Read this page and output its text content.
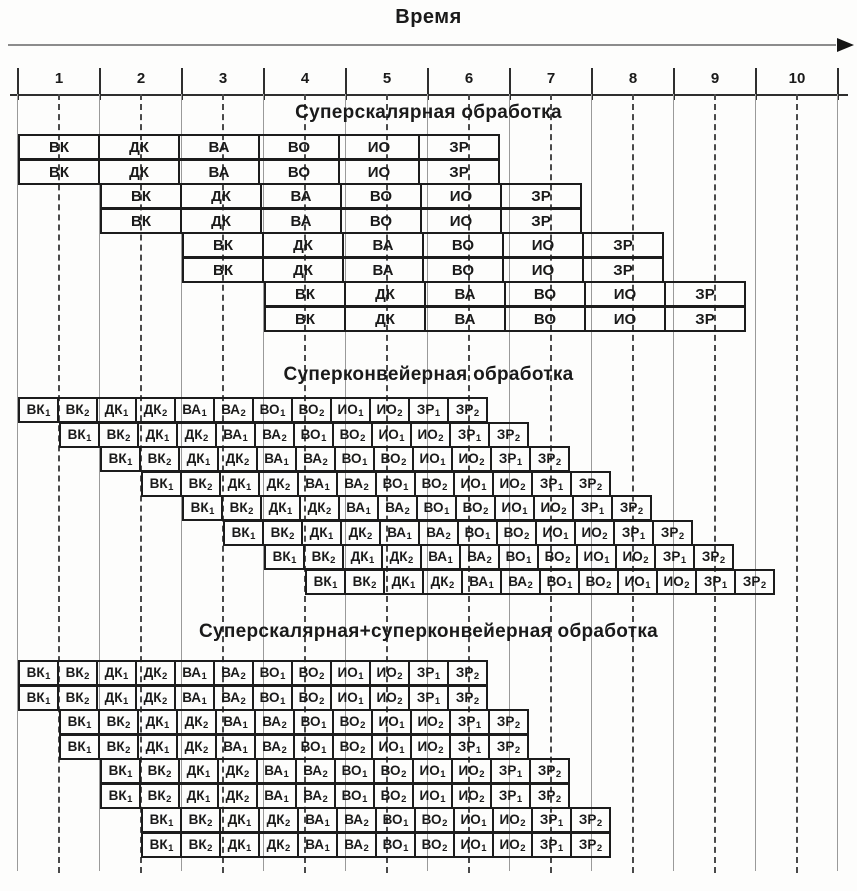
Время
1	2	3	4	5	6	7	8	9	10
Суперскалярная обработка
ВК	ДК	ВА	ВО	ИО	ЗР
ВК	ДК	ВА	ВО	ИО	ЗР
ВК	ДК	ВА	ВО	ИО	ЗР
ВК	ДК	ВА	ВО	ИО	ЗР
ВК	ДК	ВА	ВО	ИО	ЗР
ВК	ДК	ВА	ВО	ИО	ЗР
ВК	ДК	ВА	ВО	ИО	ЗР
ВК	ДК	ВА	ВО	ИО	ЗР
Суперконвейерная обработка
ВК 1 ВК 2 ДК 1 ДК 2 ВА 1 ВА 2 ВО 1 ВО 2 ИО 1 ИО 2 ЗР 1 ЗР 2
ВК 1 ВК 2 ДК 1 ДК 2 ВА 1 ВА 2 ВО 1 ВО 2 ИО 1 ИО 2 ЗР 1 ЗР 2
ВК 1 ВК 2 ДК 1 ДК 2 ВА 1 ВА 2 ВО 1 ВО 2 ИО 1 ИО 2 ЗР 1 ЗР 2
ВК 1 ВК 2 ДК 1 ДК 2 ВА 1 ВА 2 ВО 1 ВО 2 ИО 1 ИО 2 ЗР 1 ЗР 2
ВК 1 ВК 2 ДК 1 ДК 2 ВА 1 ВА 2 ВО 1 ВО 2 ИО 1 ИО 2 ЗР 1 ЗР 2
ВК 1 ВК 2 ДК 1 ДК 2 ВА 1 ВА 2 ВО 1 ВО 2 ИО 1 ИО 2 ЗР 1 ЗР 2
ВК 1 ВК 2 ДК 1 ДК 2 ВА 1 ВА 2 ВО 1 ВО 2 ИО 1 ИО 2 ЗР 1 ЗР 2
ВК 1 ВК 2 ДК 1 ДК 2 ВА 1 ВА 2 ВО 1 ВО 2 ИО 1 ИО 2 ЗР 1 ЗР 2
Суперскалярная+суперконвейерная обработка
ВК 1 ВК 2 ДК 1 ДК 2 ВА 1 ВА 2 ВО 1 ВО 2 ИО 1 ИО 2 ЗР 1 ЗР 2
ВК 1 ВК 2 ДК 1 ДК 2 ВА 1 ВА 2 ВО 1 ВО 2 ИО 1 ИО 2 ЗР 1 ЗР 2
ВК 1 ВК 2 ДК 1 ДК 2 ВА 1 ВА 2 ВО 1 ВО 2 ИО 1 ИО 2 ЗР 1 ЗР 2
ВК 1 ВК 2 ДК 1 ДК 2 ВА 1 ВА 2 ВО 1 ВО 2 ИО 1 ИО 2 ЗР 1 ЗР 2
ВК 1 ВК 2 ДК 1 ДК 2 ВА 1 ВА 2 ВО 1 ВО 2 ИО 1 ИО 2 ЗР 1 ЗР 2
ВК 1 ВК 2 ДК 1 ДК 2 ВА 1 ВА 2 ВО 1 ВО 2 ИО 1 ИО 2 ЗР 1 ЗР 2
ВК 1 ВК 2 ДК 1 ДК 2 ВА 1 ВА 2 ВО 1 ВО 2 ИО 1 ИО 2 ЗР 1 ЗР 2
ВК 1 ВК 2 ДК 1 ДК 2 ВА 1 ВА 2 ВО 1 ВО 2 ИО 1 ИО 2 ЗР 1 ЗР 2
